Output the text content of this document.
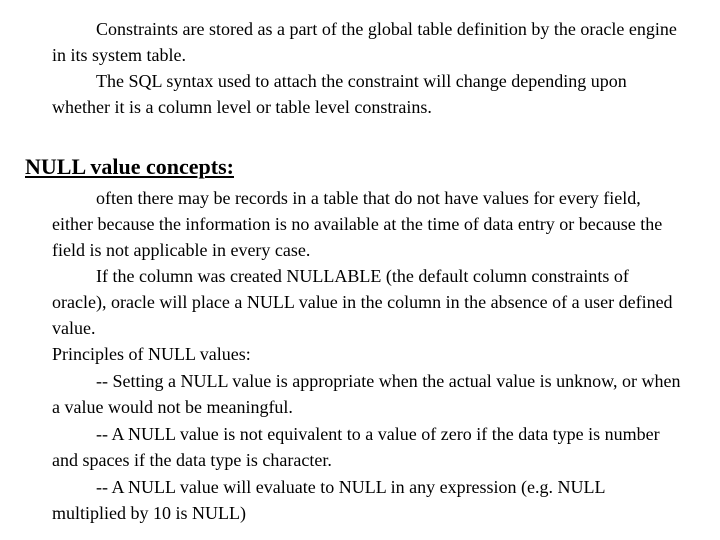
Constraints are stored as a part of the global table definition by the oracle engine in its system table.

The SQL syntax used to attach the constraint will change depending upon whether it is a column level or table level constrains.

NULL value concepts:

often there may be records in a table that do not have values for every field, either because the information is no available at the time of data entry or because the field is not applicable in every case.

If the column was created NULLABLE (the default column constraints of oracle), oracle will place a NULL value in the column in the absence of a user defined value.

Principles of NULL values:

-- Setting a NULL value is appropriate when the actual value is unknow, or when a value would not be meaningful.

-- A NULL value is not equivalent to a value of zero if the data type is number and spaces if the data type is character.

-- A NULL value will evaluate to NULL in any expression (e.g. NULL multiplied by 10 is NULL)
